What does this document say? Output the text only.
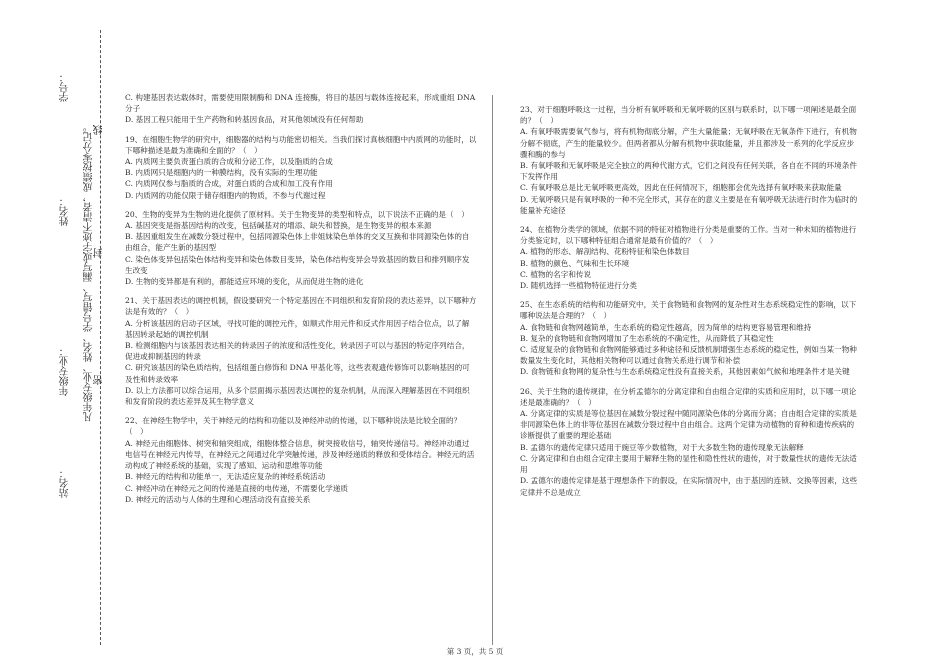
学号：
姓名：
年级专业：
站名：
凡年级专业、姓名、学号错写、漏写或字迹不清者，成绩按零分记。 线
封
密

C. 构建基因表达载体时，需要使用限制酶和 DNA 连接酶，将目的基因与载体连接起来，形成重组 DNA 分子

D. 基因工程只能用于生产药物和转基因食品，对其他领域没有任何帮助

19、在细胞生物学的研究中，细胞器的结构与功能密切相关。当我们探讨真核细胞中内质网的功能时，以下哪种描述是最为准确和全面的？（　）

A. 内质网主要负责蛋白质的合成和分泌工作，以及脂质的合成

B. 内质网只是细胞内的一种膜结构，没有实际的生理功能

C. 内质网仅参与脂质的合成，对蛋白质的合成和加工没有作用

D. 内质网的功能仅限于储存细胞内的物质，不参与代谢过程

20、生物的变异为生物的进化提供了原材料。关于生物变异的类型和特点，以下说法不正确的是（　）

A. 基因突变是指基因结构的改变，包括碱基对的增添、缺失和替换，是生物变异的根本来源

B. 基因重组发生在减数分裂过程中，包括同源染色体上非姐妹染色单体的交叉互换和非同源染色体的自由组合，能产生新的基因型

C. 染色体变异包括染色体结构变异和染色体数目变异，染色体结构变异会导致基因的数目和排列顺序发生改变

D. 生物的变异都是有利的，都能适应环境的变化，从而促进生物的进化

21、关于基因表达的调控机制，假设要研究一个特定基因在不同组织和发育阶段的表达差异，以下哪种方法是有效的？（　）

A. 分析该基因的启动子区域，寻找可能的调控元件，如顺式作用元件和反式作用因子结合位点，以了解基因转录起始的调控机制

B. 检测细胞内与该基因表达相关的转录因子的浓度和活性变化，转录因子可以与基因的特定序列结合，促进或抑制基因的转录

C. 研究该基因的染色质结构，包括组蛋白修饰和 DNA 甲基化等，这些表观遗传修饰可以影响基因的可及性和转录效率

D. 以上方法都可以综合运用，从多个层面揭示基因表达调控的复杂机制，从而深入理解基因在不同组织和发育阶段的表达差异及其生物学意义

22、在神经生物学中，关于神经元的结构和功能以及神经冲动的传递，以下哪种说法是比较全面的？（　）

A. 神经元由细胞体、树突和轴突组成，细胞体整合信息，树突接收信号，轴突传递信号。神经冲动通过电信号在神经元内传导，在神经元之间通过化学突触传递，涉及神经递质的释放和受体结合。神经元的活动构成了神经系统的基础，实现了感知、运动和思维等功能

B. 神经元的结构和功能单一，无法适应复杂的神经系统活动

C. 神经冲动在神经元之间的传递是直接的电传递，不需要化学递质

D. 神经元的活动与人体的生理和心理活动没有直接关系

23、对于细胞呼吸这一过程，当分析有氧呼吸和无氧呼吸的区别与联系时，以下哪一项阐述是最全面的？（　）

A. 有氧呼吸需要氧气参与，将有机物彻底分解，产生大量能量；无氧呼吸在无氧条件下进行，有机物分解不彻底，产生的能量较少。但两者都从分解有机物中获取能量，并且都涉及一系列的化学反应步骤和酶的参与

B. 有氧呼吸和无氧呼吸是完全独立的两种代谢方式，它们之间没有任何关联，各自在不同的环境条件下发挥作用

C. 有氧呼吸总是比无氧呼吸更高效，因此在任何情况下，细胞都会优先选择有氧呼吸来获取能量

D. 无氧呼吸只是有氧呼吸的一种不完全形式，其存在的意义主要是在有氧呼吸无法进行时作为临时的能量补充途径

24、在植物分类学的领域，依据不同的特征对植物进行分类是重要的工作。当对一种未知的植物进行分类鉴定时，以下哪种特征组合通常是最有价值的？（　）

A. 植物的形态、解剖结构、花粉特征和染色体数目

B. 植物的颜色、气味和生长环境

C. 植物的名字和传说

D. 随机选择一些植物特征进行分类

25、在生态系统的结构和功能研究中，关于食物链和食物网的复杂性对生态系统稳定性的影响，以下哪种说法是合理的？（　）

A. 食物链和食物网越简单，生态系统的稳定性越高，因为简单的结构更容易管理和维持

B. 复杂的食物链和食物网增加了生态系统的不确定性，从而降低了其稳定性

C. 适度复杂的食物链和食物网能够通过多种途径和反馈机制增强生态系统的稳定性，例如当某一物种数量发生变化时，其他相关物种可以通过食物关系进行调节和补偿

D. 食物链和食物网的复杂性与生态系统稳定性没有直接关系，其他因素如气候和地理条件才是关键

26、关于生物的遗传规律，在分析孟德尔的分离定律和自由组合定律的实质和应用时，以下哪一项论述是最准确的？（　）

A. 分离定律的实质是等位基因在减数分裂过程中随同源染色体的分离而分离；自由组合定律的实质是非同源染色体上的非等位基因在减数分裂过程中自由组合。这两个定律为动植物的育种和遗传疾病的诊断提供了重要的理论基础

B. 孟德尔的遗传定律只适用于豌豆等少数植物，对于大多数生物的遗传现象无法解释

C. 分离定律和自由组合定律主要用于解释生物的显性和隐性性状的遗传，对于数量性状的遗传无法适用

D. 孟德尔的遗传定律是基于理想条件下的假设，在实际情况中，由于基因的连锁、交换等因素，这些定律并不总是成立

第 3 页，共 5 页
